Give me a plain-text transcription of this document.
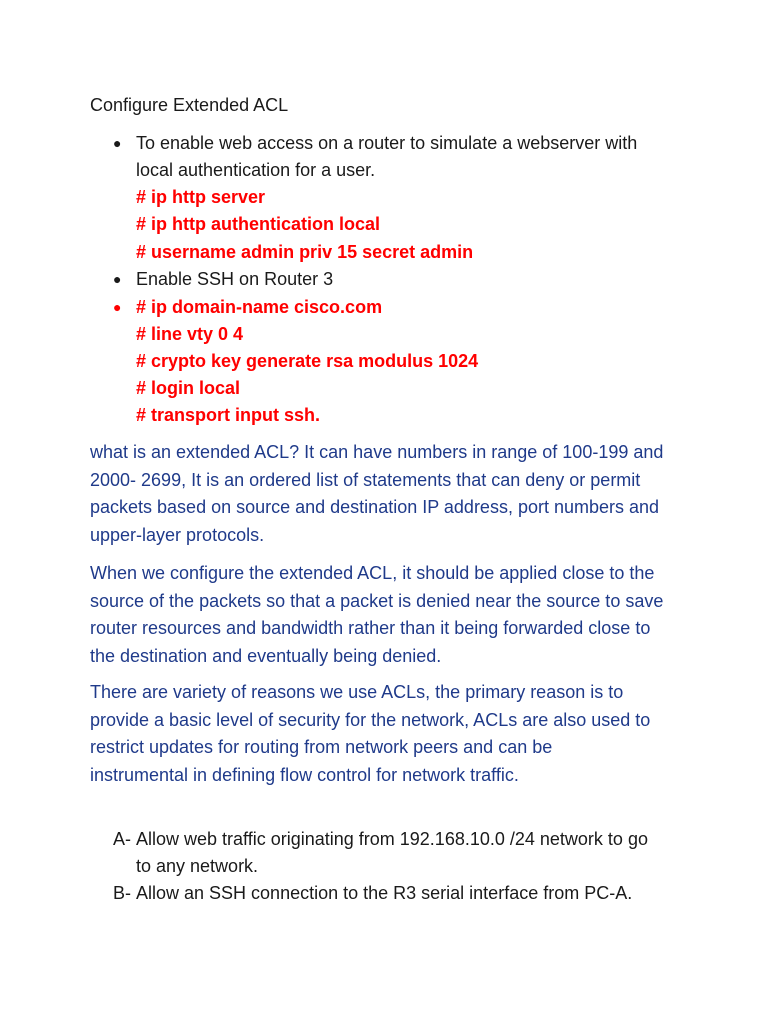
Configure Extended ACL
● To enable web access on a router to simulate a webserver with
local authentication for a user.
# ip http server
# ip http authentication local
# username admin priv 15 secret admin
● Enable SSH on Router 3
● # ip domain-name cisco.com
# line vty 0 4
# crypto key generate rsa modulus 1024
# login local
# transport input ssh.
what is an extended ACL? It can have numbers in range of 100-199 and
2000- 2699, It is an ordered list of statements that can deny or permit
packets based on source and destination IP address, port numbers and
upper-layer protocols.
When we configure the extended ACL, it should be applied close to the
source of the packets so that a packet is denied near the source to save
router resources and bandwidth rather than it being forwarded close to
the destination and eventually being denied.
There are variety of reasons we use ACLs, the primary reason is to
provide a basic level of security for the network, ACLs are also used to
restrict updates for routing from network peers and can be
instrumental in defining flow control for network traffic.
A- Allow web traffic originating from 192.168.10.0 /24 network to go
to any network.
B- Allow an SSH connection to the R3 serial interface from PC-A.
